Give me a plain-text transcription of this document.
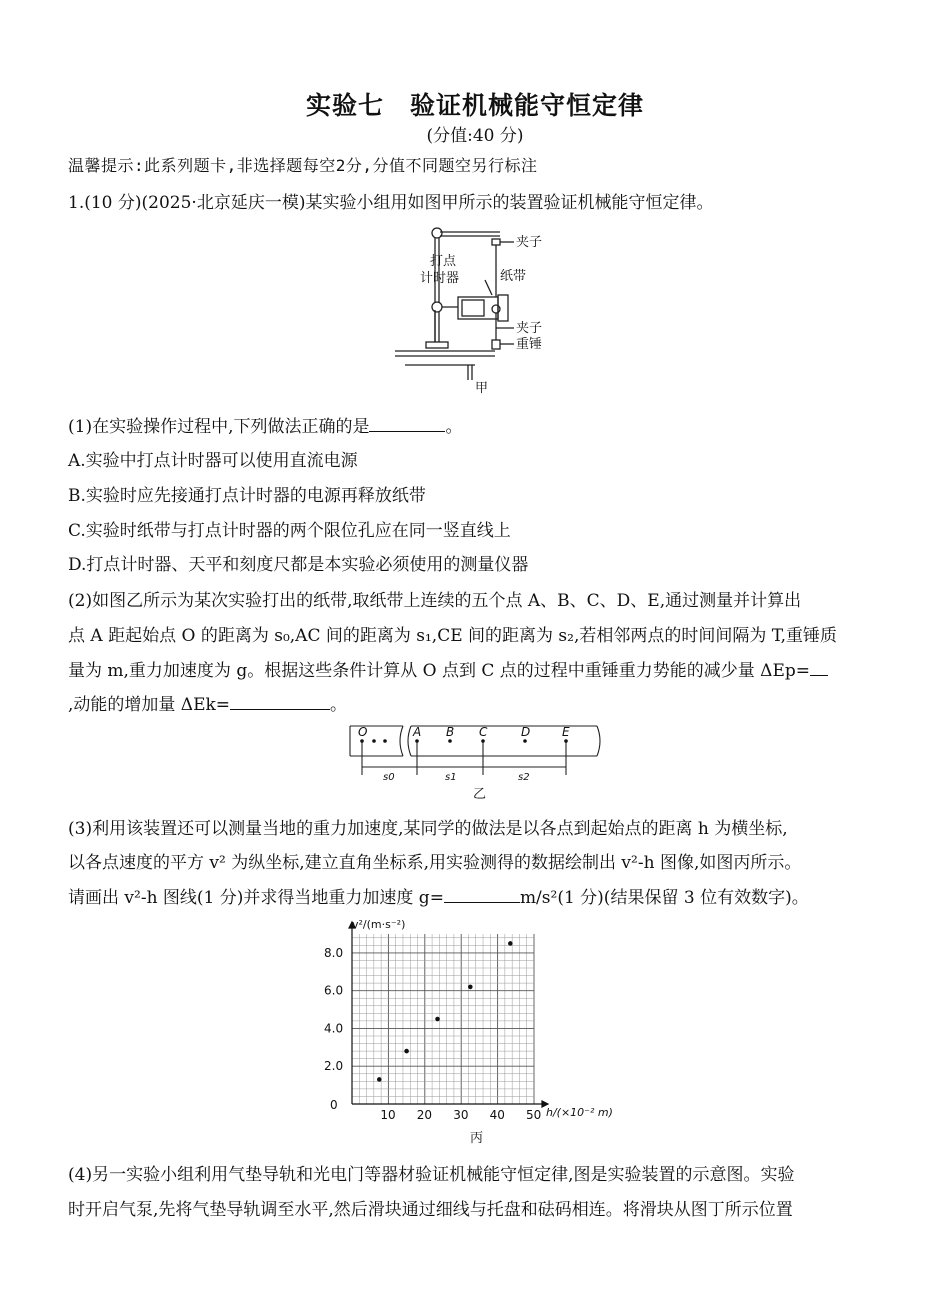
实验七　验证机械能守恒定律
(分值:40 分)
温馨提示:此系列题卡,非选择题每空2分,分值不同题空另行标注
1.(10 分)(2025·北京延庆一模)某实验小组用如图甲所示的装置验证机械能守恒定律。
夹子
打点
计时器	纸带
夹子
重锤
甲
(1)在实验操作过程中,下列做法正确的是	。
A.实验中打点计时器可以使用直流电源
B.实验时应先接通打点计时器的电源再释放纸带
C.实验时纸带与打点计时器的两个限位孔应在同一竖直线上
D.打点计时器、天平和刻度尺都是本实验必须使用的测量仪器
(2)如图乙所示为某次实验打出的纸带,取纸带上连续的五个点 A、B、C、D、E,通过测量并计算出
点 A 距起始点 O 的距离为 s₀,AC 间的距离为 s₁,CE 间的距离为 s₂,若相邻两点的时间间隔为 T,重锤质
量为 m,重力加速度为 g。根据这些条件计算从 O 点到 C 点的过程中重锤重力势能的减少量 ΔEp=
,动能的增加量 ΔEk=	。
O	A B C	D	E
s0	s1	s2
乙
(3)利用该装置还可以测量当地的重力加速度,某同学的做法是以各点到起始点的距离 h 为横坐标,
以各点速度的平方 v² 为纵坐标,建立直角坐标系,用实验测得的数据绘制出 v²-h 图像,如图丙所示。
请画出 v²-h 图线(1 分)并求得当地重力加速度 g=	m/s²(1 分)(结果保留 3 位有效数字)。
10 20 30 40 50
2.0
4.0
6.0
8.0
v²/(m·s⁻²)
h/(×10⁻² m)
0
丙
(4)另一实验小组利用气垫导轨和光电门等器材验证机械能守恒定律,图是实验装置的示意图。实验
时开启气泵,先将气垫导轨调至水平,然后滑块通过细线与托盘和砝码相连。将滑块从图丁所示位置
